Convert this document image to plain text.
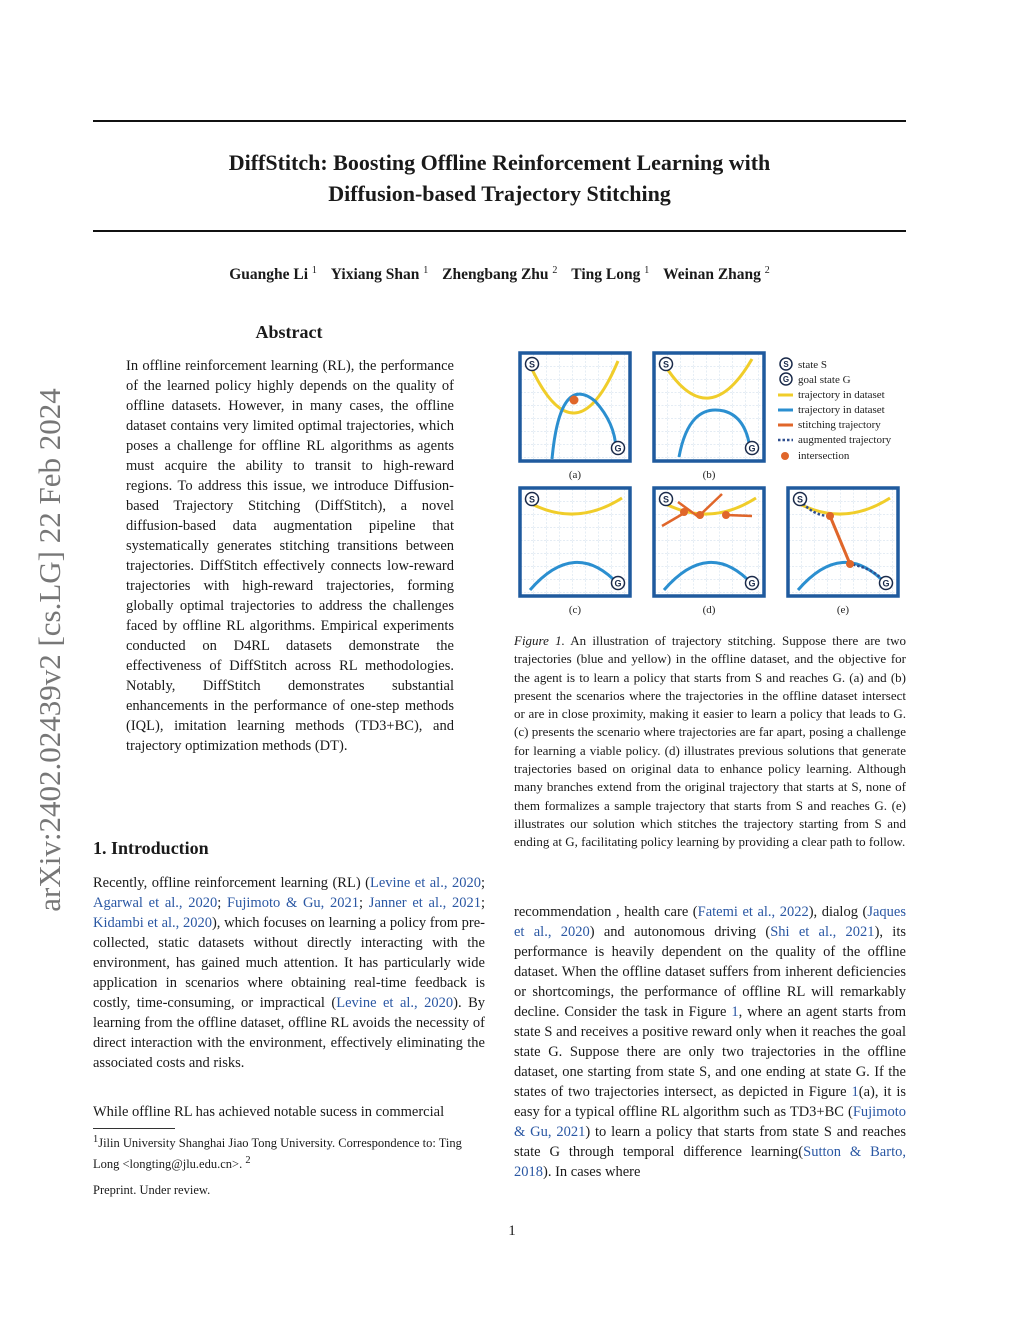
DiffStitch: Boosting Offline Reinforcement Learning with
Diffusion-based Trajectory Stitching
Guanghe Li $^1$ Yixiang Shan $^1$ Zhengbang Zhu $^2$ Ting Long $^1$ Weinan Zhang $^2$
arXiv:2402.02439v2 [cs.LG] 22 Feb 2024
Abstract
In offline reinforcement learning (RL), the performance of the learned policy highly depends on the quality of offline datasets. However, in many cases, the offline dataset contains very limited optimal trajectories, which poses a challenge for offline RL algorithms as agents must acquire the ability to transit to high-reward regions. To address this issue, we introduce Diffusion-based Trajectory Stitching (DiffStitch), a novel diffusion-based data augmentation pipeline that systematically generates stitching transitions between trajectories. DiffStitch effectively connects low-reward trajectories with high-reward trajectories, forming globally optimal trajectories to address the challenges faced by offline RL algorithms. Empirical experiments conducted on D4RL datasets demonstrate the effectiveness of DiffStitch across RL methodologies. Notably, DiffStitch demonstrates substantial enhancements in the performance of one-step methods (IQL), imitation learning methods (TD3+BC), and trajectory optimization methods (DT).
1. Introduction
Recently, offline reinforcement learning (RL) (Levine et al., 2020; Agarwal et al., 2020; Fujimoto & Gu, 2021; Janner et al., 2021; Kidambi et al., 2020), which focuses on learning a policy from pre-collected, static datasets without directly interacting with the environment, has gained much attention. It has particularly wide application in scenarios where obtaining real-time feedback is costly, time-consuming, or impractical (Levine et al., 2020). By learning from the offline dataset, offline RL avoids the necessity of direct interaction with the environment, effectively eliminating the associated costs and risks.
While offline RL has achieved notable sucess in commercial
$^1$Jilin University Shanghai Jiao Tong University. Correspondence to: Ting Long <longting@jlu.edu.cn>. $^2$
Preprint. Under review.
1
S
G
(a)
S
G
(b)
S state S
G goal state G
trajectory in dataset
trajectory in dataset
stitching trajectory
augmented trajectory
intersection
S
G
(c)
S
G
(d)
S
G
(e)
Figure 1. An illustration of trajectory stitching. Suppose there are two trajectories (blue and yellow) in the offline dataset, and the objective for the agent is to learn a policy that starts from S and reaches G. (a) and (b) present the scenarios where the trajectories in the offline dataset intersect or are in close proximity, making it easier to learn a policy that leads to G. (c) presents the scenario where trajectories are far apart, posing a challenge for learning a viable policy. (d) illustrates previous solutions that generate trajectories based on original data to enhance policy learning. Although many branches extend from the original trajectory that starts at S, none of them formalizes a sample trajectory that starts from S and reaches G. (e) illustrates our solution which stitches the trajectory starting from S and ending at G, facilitating policy learning by providing a clear path to follow.
recommendation , health care (Fatemi et al., 2022), dialog (Jaques et al., 2020) and autonomous driving (Shi et al., 2021), its performance is heavily dependent on the quality of the offline dataset. When the offline dataset suffers from inherent deficiencies or shortcomings, the performance of offline RL will remarkably decline. Consider the task in Figure 1, where an agent starts from state S and receives a positive reward only when it reaches the goal state G. Suppose there are only two trajectories in the offline dataset, one starting from state S, and one ending at state G. If the states of two trajectories intersect, as depicted in Figure 1(a), it is easy for a typical offline RL algorithm such as TD3+BC (Fujimoto & Gu, 2021) to learn a policy that starts from state S and reaches state G through temporal difference learning(Sutton & Barto, 2018). In cases where
